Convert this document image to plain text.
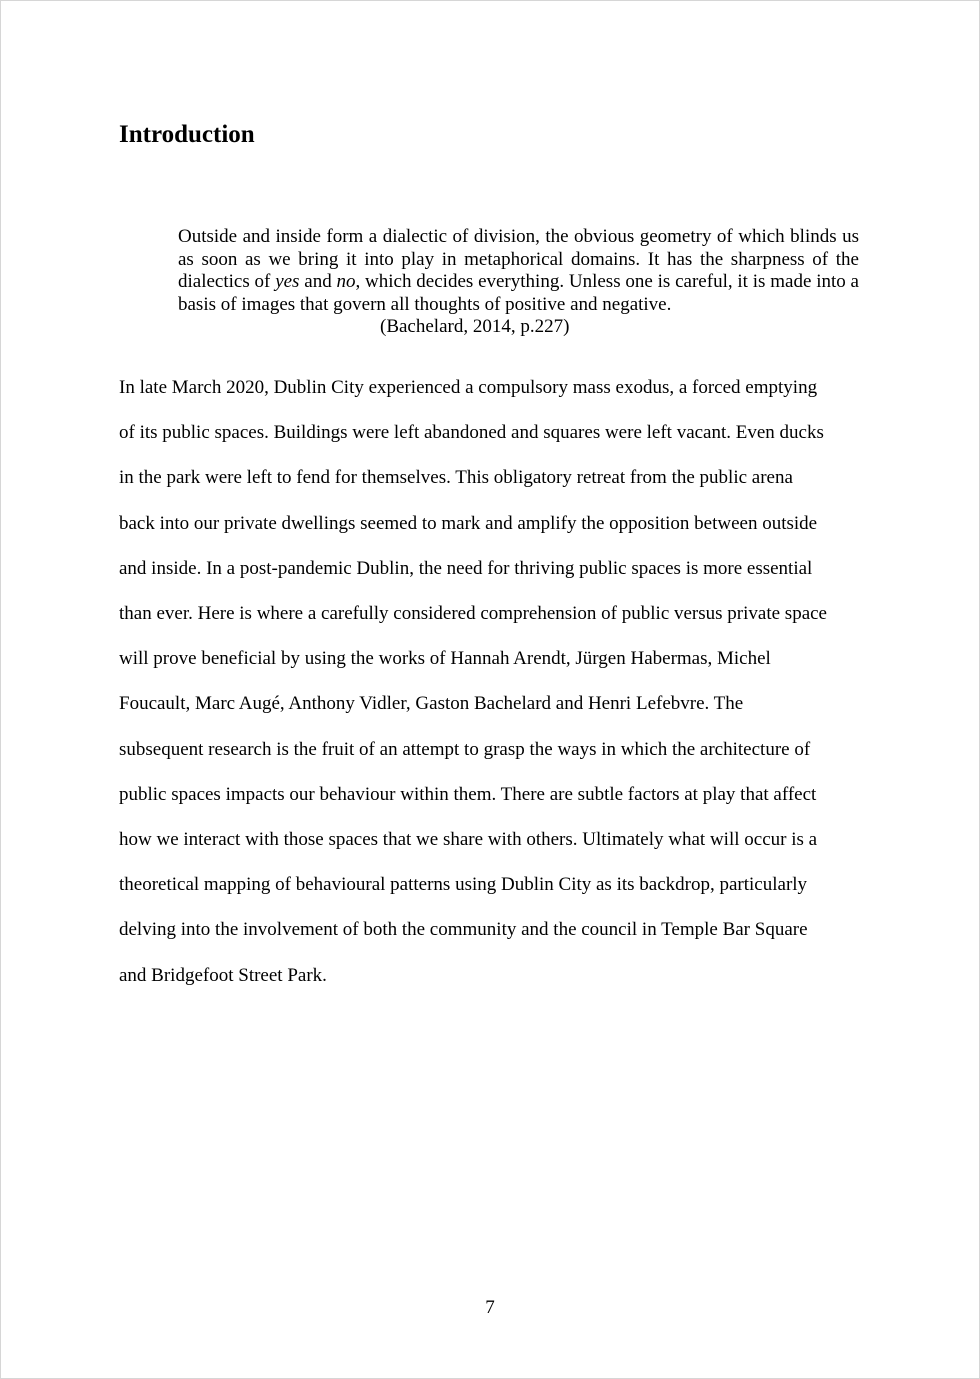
Introduction

Outside and inside form a dialectic of division, the obvious geometry of which blinds us as soon as we bring it into play in metaphorical domains. It has the sharpness of the dialectics of yes and no, which decides everything. Unless one is careful, it is made into a basis of images that govern all thoughts of positive and negative.

(Bachelard, 2014, p.227)

In late March 2020, Dublin City experienced a compulsory mass exodus, a forced emptying
of its public spaces. Buildings were left abandoned and squares were left vacant. Even ducks
in the park were left to fend for themselves. This obligatory retreat from the public arena
back into our private dwellings seemed to mark and amplify the opposition between outside
and inside. In a post-pandemic Dublin, the need for thriving public spaces is more essential
than ever. Here is where a carefully considered comprehension of public versus private space
will prove beneficial by using the works of Hannah Arendt, Jürgen Habermas, Michel
Foucault, Marc Augé, Anthony Vidler, Gaston Bachelard and Henri Lefebvre. The
subsequent research is the fruit of an attempt to grasp the ways in which the architecture of
public spaces impacts our behaviour within them. There are subtle factors at play that affect
how we interact with those spaces that we share with others. Ultimately what will occur is a
theoretical mapping of behavioural patterns using Dublin City as its backdrop, particularly
delving into the involvement of both the community and the council in Temple Bar Square
and Bridgefoot Street Park.
7
